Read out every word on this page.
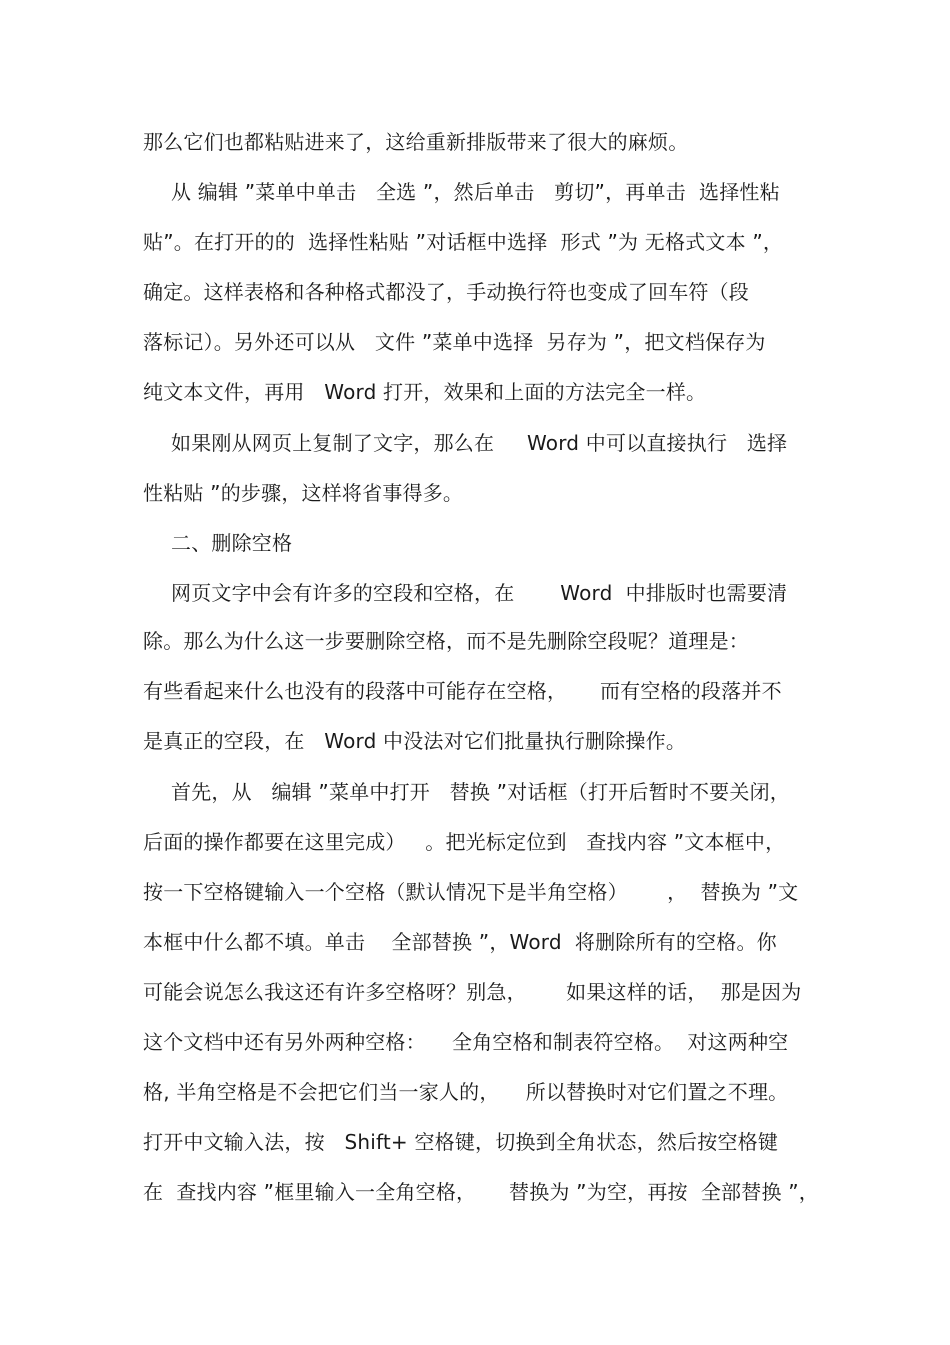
那么它们也都粘贴进来了，这给重新排版带来了很大的麻烦。
从 编辑 ”菜单中单击   全选 ”，然后单击   剪切”，再单击  选择性粘
贴”。在打开的的  选择性粘贴 ”对话框中选择  形式 ”为 无格式文本 ”，
确定。这样表格和各种格式都没了，手动换行符也变成了回车符（段
落标记）。另外还可以从   文件 ”菜单中选择  另存为 ”，把文档保存为
纯文本文件，再用   Word 打开，效果和上面的方法完全一样。
如果刚从网页上复制了文字，那么在     Word 中可以直接执行   选择
性粘贴 ”的步骤，这样将省事得多。
二、删除空格
网页文字中会有许多的空段和空格，在       Word  中排版时也需要清
除。那么为什么这一步要删除空格，而不是先删除空段呢？道理是：
有些看起来什么也没有的段落中可能存在空格，     而有空格的段落并不
是真正的空段，在   Word 中没法对它们批量执行删除操作。
首先，从   编辑 ”菜单中打开   替换 ”对话框（打开后暂时不要关闭，
后面的操作都要在这里完成）   。把光标定位到   查找内容 ”文本框中，
按一下空格键输入一个空格（默认情况下是半角空格）      ，  替换为 ”文
本框中什么都不填。单击    全部替换 ”，Word  将删除所有的空格。你
可能会说怎么我这还有许多空格呀？别急，      如果这样的话，  那是因为
这个文档中还有另外两种空格：    全角空格和制表符空格。  对这两种空
格, 半角空格是不会把它们当一家人的，    所以替换时对它们置之不理。
打开中文输入法，按   Shift+ 空格键，切换到全角状态，然后按空格键
在  查找内容 ”框里输入一全角空格，     替换为 ”为空，再按  全部替换 ”，
